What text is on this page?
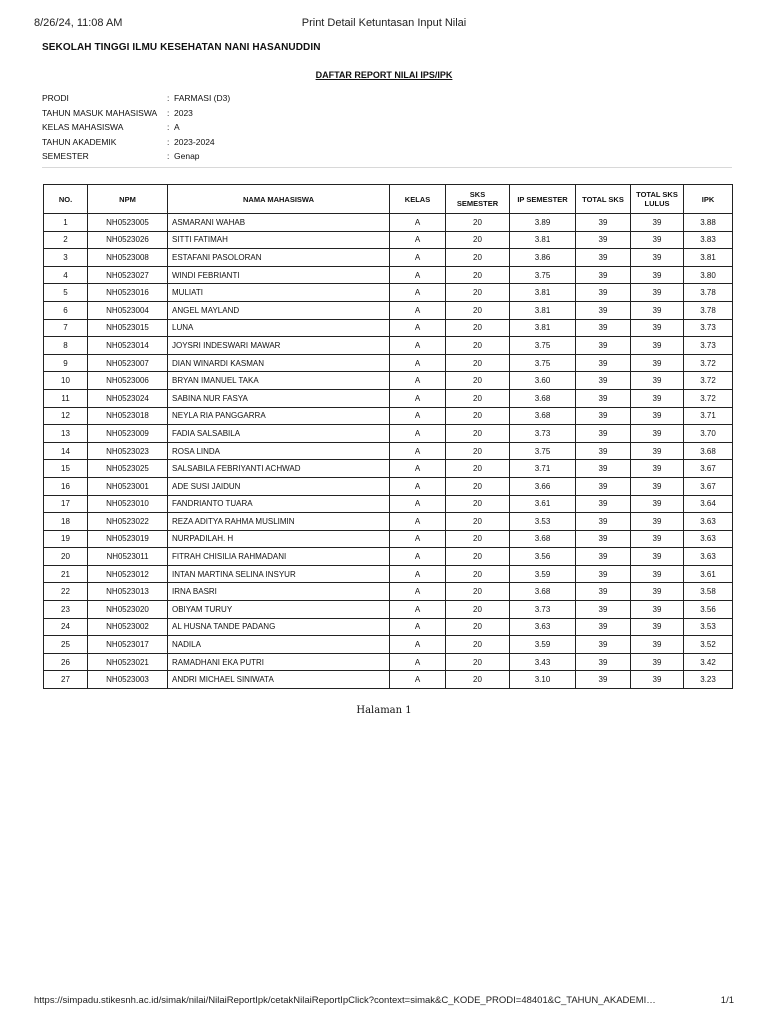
8/26/24, 11:08 AM	Print Detail Ketuntasan Input Nilai
SEKOLAH TINGGI ILMU KESEHATAN NANI HASANUDDIN
DAFTAR REPORT NILAI IPS/IPK
PRODI	: FARMASI (D3)
TAHUN MASUK MAHASISWA : 2023
KELAS MAHASISWA	: A
TAHUN AKADEMIK	: 2023-2024
SEMESTER	: Genap
NO.	NPM	NAMA MAHASISWA	KELAS	SKS SEMESTER	IP SEMESTER	TOTAL SKS	TOTAL SKS LULUS	IPK
1	NH0523005	ASMARANI WAHAB	A	20	3.89	39	39	3.88
2	NH0523026	SITTI FATIMAH	A	20	3.81	39	39	3.83
3	NH0523008	ESTAFANI PASOLORAN	A	20	3.86	39	39	3.81
4	NH0523027	WINDI FEBRIANTI	A	20	3.75	39	39	3.80
5	NH0523016	MULIATI	A	20	3.81	39	39	3.78
6	NH0523004	ANGEL MAYLAND	A	20	3.81	39	39	3.78
7	NH0523015	LUNA	A	20	3.81	39	39	3.73
8	NH0523014	JOYSRI INDESWARI MAWAR	A	20	3.75	39	39	3.73
9	NH0523007	DIAN WINARDI KASMAN	A	20	3.75	39	39	3.72
10	NH0523006	BRYAN IMANUEL TAKA	A	20	3.60	39	39	3.72
11	NH0523024	SABINA NUR FASYA	A	20	3.68	39	39	3.72
12	NH0523018	NEYLA RIA PANGGARRA	A	20	3.68	39	39	3.71
13	NH0523009	FADIA SALSABILA	A	20	3.73	39	39	3.70
14	NH0523023	ROSA LINDA	A	20	3.75	39	39	3.68
15	NH0523025	SALSABILA FEBRIYANTI ACHWAD	A	20	3.71	39	39	3.67
16	NH0523001	ADE SUSI JAIDUN	A	20	3.66	39	39	3.67
17	NH0523010	FANDRIANTO TUARA	A	20	3.61	39	39	3.64
18	NH0523022	REZA ADITYA RAHMA MUSLIMIN	A	20	3.53	39	39	3.63
19	NH0523019	NURPADILAH. H	A	20	3.68	39	39	3.63
20	NH0523011	FITRAH CHISILIA RAHMADANI	A	20	3.56	39	39	3.63
21	NH0523012	INTAN MARTINA SELINA INSYUR	A	20	3.59	39	39	3.61
22	NH0523013	IRNA BASRI	A	20	3.68	39	39	3.58
23	NH0523020	OBIYAM TURUY	A	20	3.73	39	39	3.56
24	NH0523002	AL HUSNA TANDE PADANG	A	20	3.63	39	39	3.53
25	NH0523017	NADILA	A	20	3.59	39	39	3.52
26	NH0523021	RAMADHANI EKA PUTRI	A	20	3.43	39	39	3.42
27	NH0523003	ANDRI MICHAEL SINIWATA	A	20	3.10	39	39	3.23
Halaman 1
https://simpadu.stikesnh.ac.id/simak/nilai/NilaiReportIpk/cetakNilaiReportIpClick?context=simak&C_KODE_PRODI=48401&C_TAHUN_AKADEMI…	1/1
